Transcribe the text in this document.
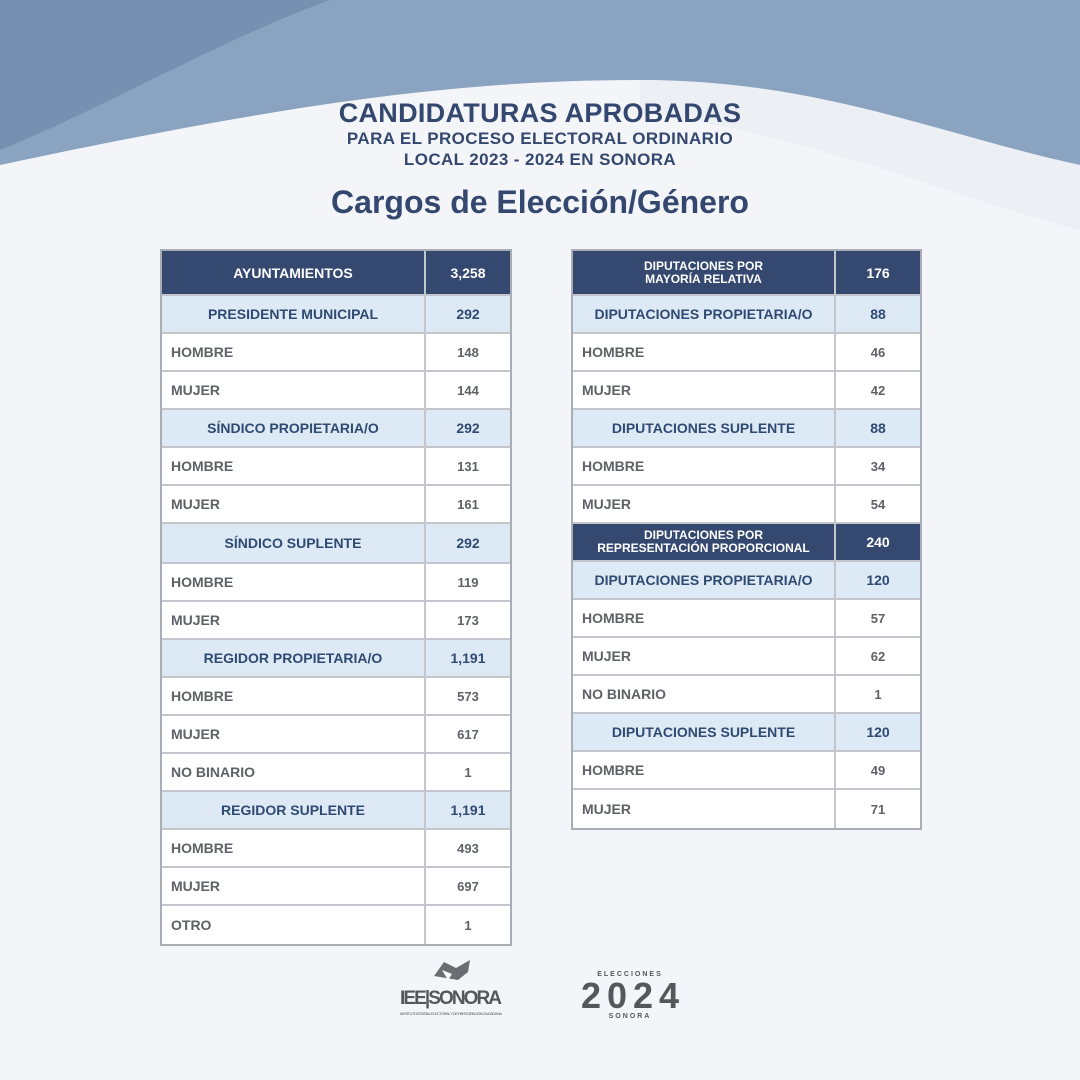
CANDIDATURAS APROBADAS
PARA EL PROCESO ELECTORAL ORDINARIO
LOCAL 2023 - 2024 EN SONORA
Cargos de Elección/Género
AYUNTAMIENTOS	3,258
PRESIDENTE MUNICIPAL	292
HOMBRE	148
MUJER	144
SÍNDICO PROPIETARIA/O	292
HOMBRE	131
MUJER	161
SÍNDICO SUPLENTE	292
HOMBRE	119
MUJER	173
REGIDOR PROPIETARIA/O	1,191
HOMBRE	573
MUJER	617
NO BINARIO	1
REGIDOR SUPLENTE	1,191
HOMBRE	493
MUJER	697
OTRO	1
DIPUTACIONES POR
MAYORÍA RELATIVA	176
DIPUTACIONES PROPIETARIA/O	88
HOMBRE	46
MUJER	42
DIPUTACIONES SUPLENTE	88
HOMBRE	34
MUJER	54
DIPUTACIONES POR
REPRESENTACIÓN PROPORCIONAL	240
DIPUTACIONES PROPIETARIA/O	120
HOMBRE	57
MUJER	62
NO BINARIO	1
DIPUTACIONES SUPLENTE	120
HOMBRE	49
MUJER	71
IEE|SONORA
INSTITUTO ESTATAL ELECTORAL Y DE PARTICIPACIÓN CIUDADANA
ELECCIONES
2024
SONORA
